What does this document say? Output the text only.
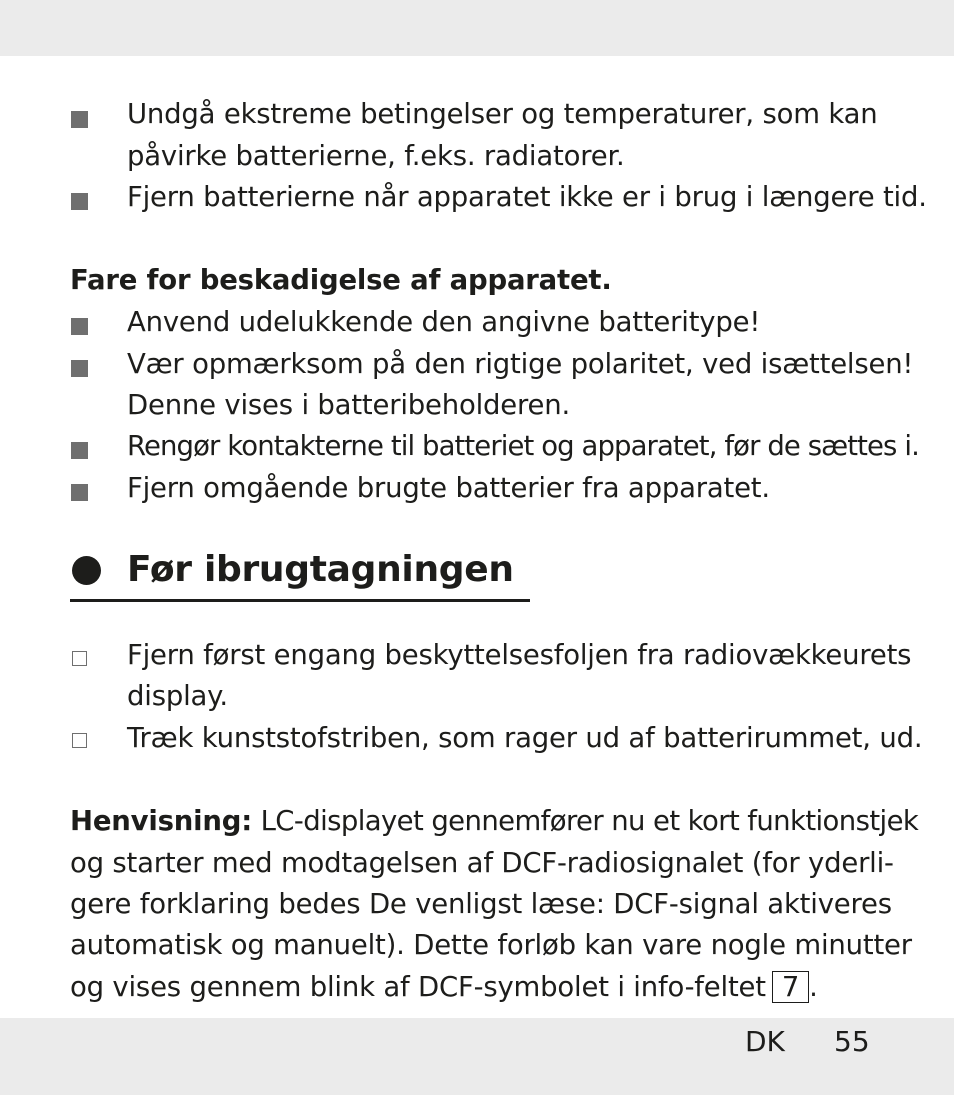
Undgå ekstreme betingelser og temperaturer, som kan
påvirke batterierne, f.eks. radiatorer.
Fjern batterierne når apparatet ikke er i brug i længere tid.
Fare for beskadigelse af apparatet.
Anvend udelukkende den angivne batteritype!
Vær opmærksom på den rigtige polaritet, ved isættelsen!
Denne vises i batteribeholderen.
Rengør kontakterne til batteriet og apparatet, før de sættes i.
Fjern omgående brugte batterier fra apparatet.
Før ibrugtagningen
Fjern først engang beskyttelsesfoljen fra radiovækkeurets
display.
Træk kunststofstriben, som rager ud af batterirummet, ud.
Henvisning: LC-displayet gennemfører nu et kort funktionstjek
og starter med modtagelsen af DCF-radiosignalet (for yderli-
gere forklaring bedes De venligst læse: DCF-signal aktiveres
automatisk og manuelt). Dette forløb kan vare nogle minutter
og vises gennem blink af DCF-symbolet i info-feltet 7 .
DK 55
